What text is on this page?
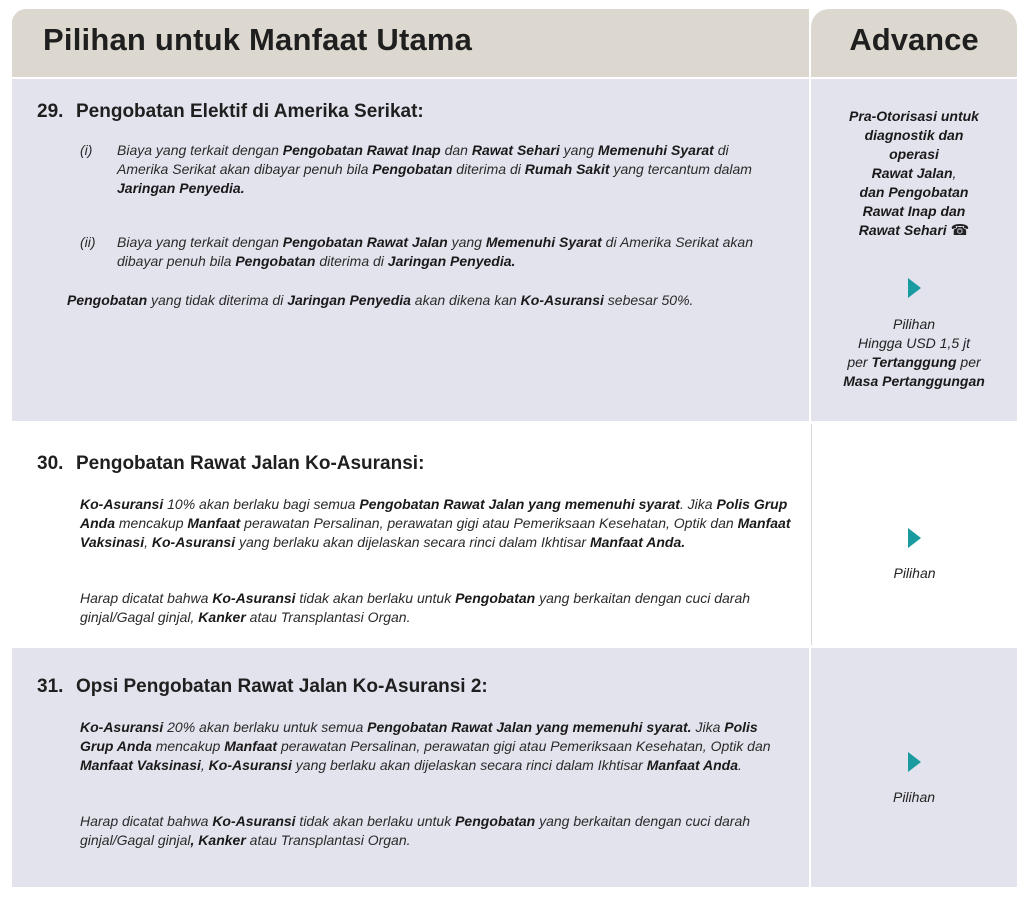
Pilihan untuk Manfaat Utama	Advance
29. Pengobatan Elektif di Amerika Serikat:
(i) Biaya yang terkait dengan Pengobatan Rawat Inap dan Rawat Sehari yang Memenuhi Syarat di Amerika Serikat akan dibayar penuh bila Pengobatan diterima di Rumah Sakit yang tercantum dalam Jaringan Penyedia.
(ii) Biaya yang terkait dengan Pengobatan Rawat Jalan yang Memenuhi Syarat di Amerika Serikat akan dibayar penuh bila Pengobatan diterima di Jaringan Penyedia.
Pengobatan yang tidak diterima di Jaringan Penyedia akan dikena kan Ko-Asuransi sebesar 50%.
Pra-Otorisasi untuk
diagnostik dan
operasi
Rawat Jalan,
dan Pengobatan
Rawat Inap dan
Rawat Sehari ☎
Pilihan
Hingga USD 1,5 jt
per Tertanggung per
Masa Pertanggungan
30. Pengobatan Rawat Jalan Ko-Asuransi:
Ko-Asuransi 10% akan berlaku bagi semua Pengobatan Rawat Jalan yang memenuhi syarat. Jika Polis Grup Anda mencakup Manfaat perawatan Persalinan, perawatan gigi atau Pemeriksaan Kesehatan, Optik dan Manfaat Vaksinasi, Ko-Asuransi yang berlaku akan dijelaskan secara rinci dalam Ikhtisar Manfaat Anda.
Harap dicatat bahwa Ko-Asuransi tidak akan berlaku untuk Pengobatan yang berkaitan dengan cuci darah ginjal/Gagal ginjal, Kanker atau Transplantasi Organ.
Pilihan
31. Opsi Pengobatan Rawat Jalan Ko-Asuransi 2:
Ko-Asuransi 20% akan berlaku untuk semua Pengobatan Rawat Jalan yang memenuhi syarat. Jika Polis Grup Anda mencakup Manfaat perawatan Persalinan, perawatan gigi atau Pemeriksaan Kesehatan, Optik dan Manfaat Vaksinasi, Ko-Asuransi yang berlaku akan dijelaskan secara rinci dalam Ikhtisar Manfaat Anda.
Harap dicatat bahwa Ko-Asuransi tidak akan berlaku untuk Pengobatan yang berkaitan dengan cuci darah ginjal/Gagal ginjal, Kanker atau Transplantasi Organ.
Pilihan
